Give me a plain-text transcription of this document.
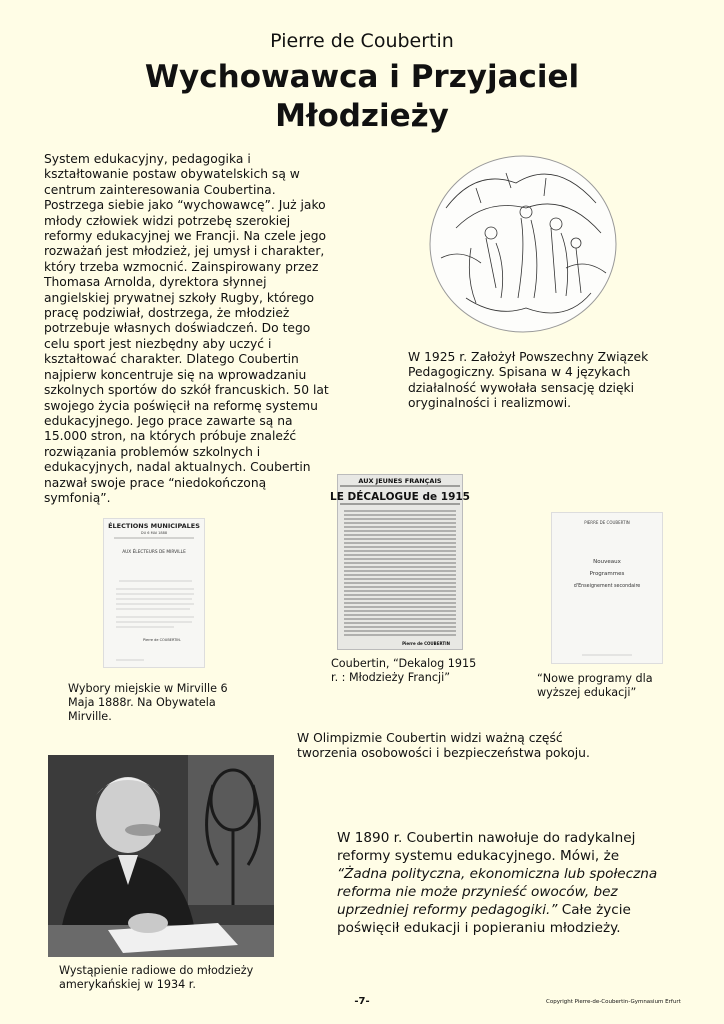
Pierre de Coubertin
Wychowawca i Przyjaciel Młodzieży
System edukacyjny, pedagogika i kształtowanie postaw obywatelskich są w centrum zainteresowania Coubertina. Postrzega siebie jako “wychowawcę”. Już jako młody człowiek widzi potrzebę szerokiej reformy edukacyjnej we Francji. Na czele jego rozważań jest młodzież, jej umysł i charakter, który trzeba wzmocnić. Zainspirowany przez Thomasa Arnolda, dyrektora słynnej angielskiej prywatnej szkoły Rugby, którego pracę podziwiał, dostrzega, że młodzież potrzebuje własnych doświadczeń. Do tego celu sport jest niezbędny aby uczyć i kształtować charakter. Dlatego Coubertin najpierw koncentruje się na wprowadzaniu szkolnych sportów do szkół francuskich. 50 lat swojego życia poświęcił na reformę systemu edukacyjnego. Jego prace zawarte są na 15.000 stron, na których próbuje znaleźć rozwiązania problemów szkolnych i edukacyjnych, nadal aktualnych. Coubertin nazwał swoje prace “niedokończoną symfonią”.
W 1925 r. Założył Powszechny Związek Pedagogiczny. Spisana w 4 językach działalność wywołała sensację dzięki oryginalności i realizmowi.
ÉLECTIONS MUNICIPALES
DU 6 MAI 1888
AUX ÉLECTEURS DE MIRVILLE
Pierre de COUBERTIN.
AUX JEUNES FRANÇAIS
LE DÉCALOGUE de 1915
Pierre de COUBERTIN
PIERRE DE COUBERTIN
Nouveaux
Programmes
d'Enseignement secondaire
Wybory miejskie w Mirville 6 Maja 1888r. Na Obywatela Mirville.
Coubertin, “Dekalog 1915 r. : Młodzieży Francji”	“Nowe programy dla wyższej edukacji”
W Olimpizmie Coubertin widzi ważną część tworzenia osobowości i bezpieczeństwa pokoju.
Wystąpienie radiowe do młodzieży amerykańskiej w 1934 r.
W 1890 r. Coubertin nawołuje do radykalnej reformy systemu edukacyjnego. Mówi, że “Żadna polityczna, ekonomiczna lub społeczna reforma nie może przynieść owoców, bez uprzedniej reformy pedagogiki.” Całe życie poświęcił edukacji i popieraniu młodzieży.
-7-	Copyright Pierre-de-Coubertin-Gymnasium Erfurt
